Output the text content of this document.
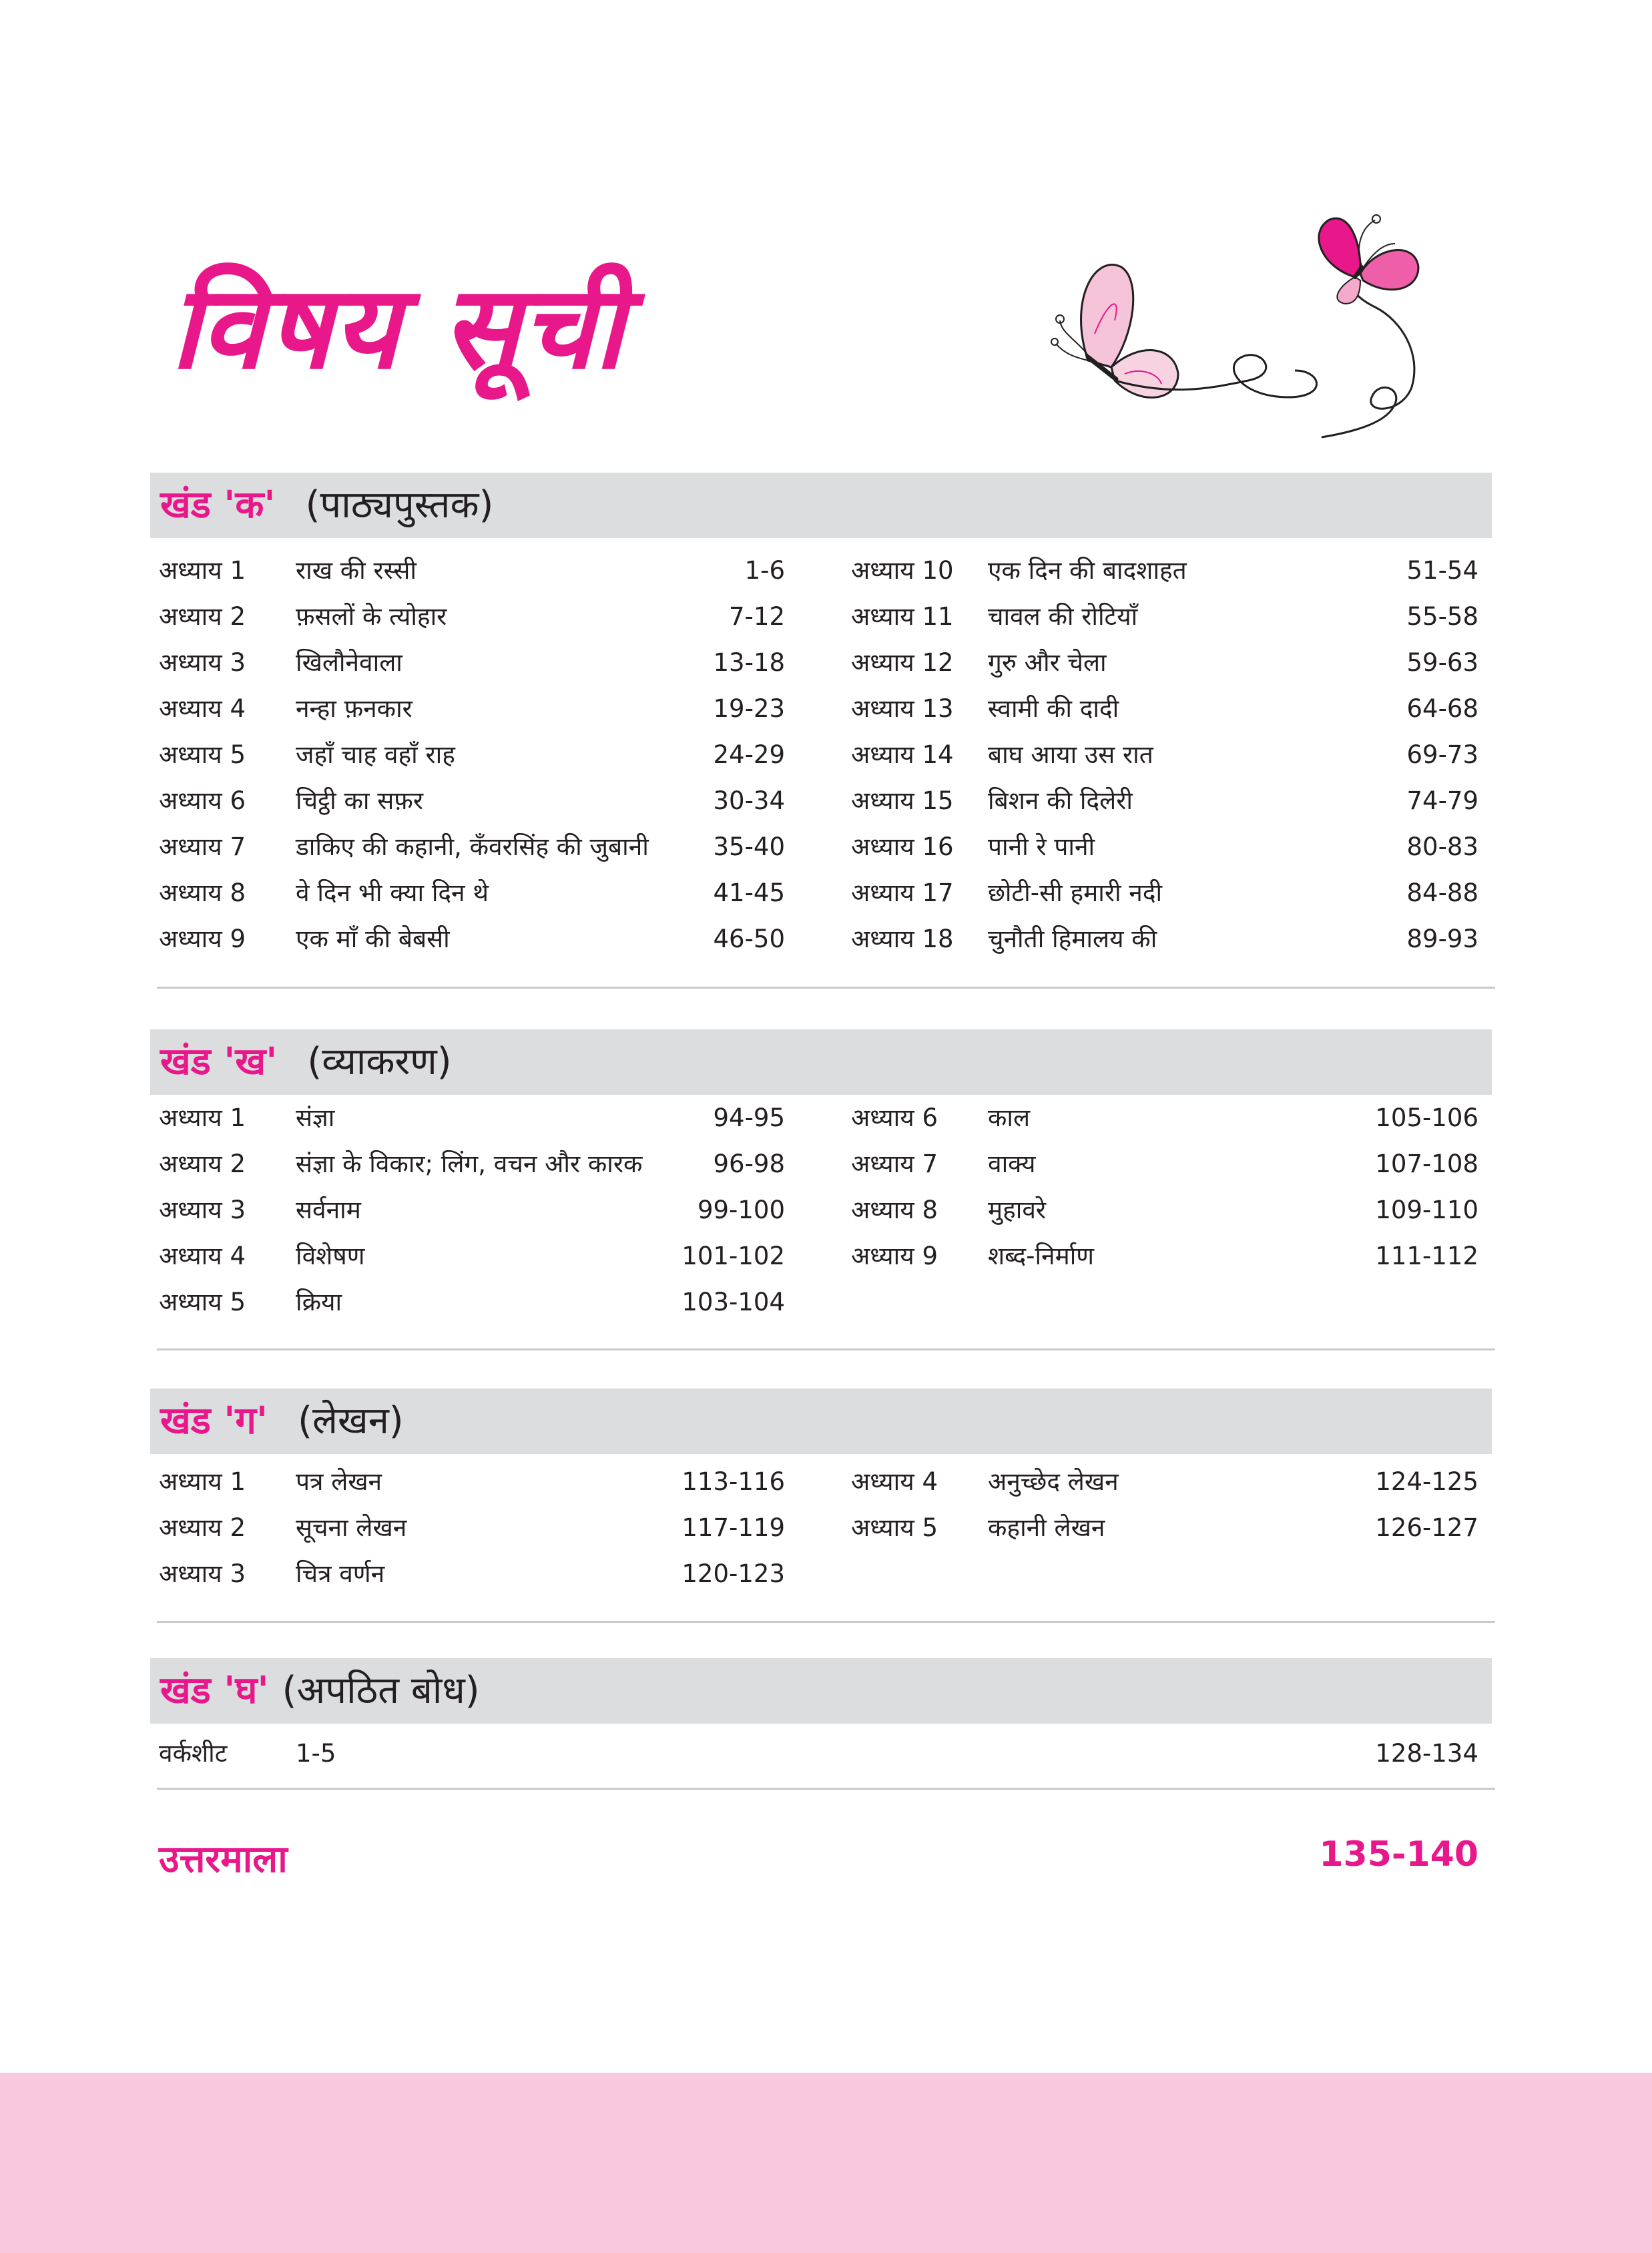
विषय सूची
खंड 'क' (पाठ्यपुस्तक)
खंड 'ख' (व्याकरण)
खंड 'ग' (लेखन)
खंड 'घ' (अपठित बोध)
अध्याय 1 राख की रस्सी	1-6
अध्याय 2 फ़सलों के त्योहार	7-12
अध्याय 3 खिलौनेवाला	13-18
अध्याय 4 नन्हा फ़नकार	19-23
अध्याय 5 जहाँ चाह वहाँ राह	24-29
अध्याय 6 चिट्ठी का सफ़र	30-34
अध्याय 7 डाकिए की कहानी, कँवरसिंह की जुबानी	35-40
अध्याय 8 वे दिन भी क्या दिन थे	41-45
अध्याय 9 एक माँ की बेबसी	46-50
अध्याय 10 एक दिन की बादशाहत	51-54
अध्याय 11 चावल की रोटियाँ	55-58
अध्याय 12 गुरु और चेला	59-63
अध्याय 13 स्वामी की दादी	64-68
अध्याय 14 बाघ आया उस रात	69-73
अध्याय 15 बिशन की दिलेरी	74-79
अध्याय 16 पानी रे पानी	80-83
अध्याय 17 छोटी-सी हमारी नदी	84-88
अध्याय 18 चुनौती हिमालय की	89-93
अध्याय 1 संज्ञा	94-95
अध्याय 2 संज्ञा के विकार; लिंग, वचन और कारक	96-98
अध्याय 3 सर्वनाम	99-100
अध्याय 4 विशेषण	101-102
अध्याय 5 क्रिया	103-104
अध्याय 6 काल	105-106
अध्याय 7 वाक्य	107-108
अध्याय 8 मुहावरे	109-110
अध्याय 9 शब्द-निर्माण	111-112
अध्याय 1 पत्र लेखन	113-116
अध्याय 2 सूचना लेखन	117-119
अध्याय 3 चित्र वर्णन	120-123
अध्याय 4 अनुच्छेद लेखन	124-125
अध्याय 5 कहानी लेखन	126-127
वर्कशीट	1-5	128-134
उत्तरमाला	135-140
